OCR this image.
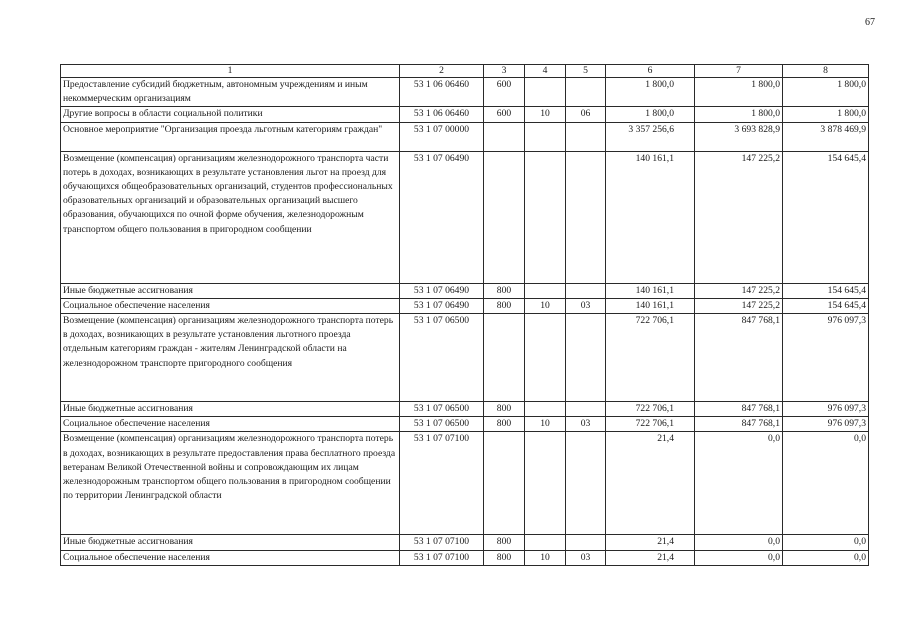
67
1	2	3	4	5	6	7	8
Предоставление субсидий бюджетным, автономным учреждениям и иным некоммерческим организациям	53 1 06 06460	600			1 800,0	1 800,0	1 800,0
Другие вопросы в области социальной политики	53 1 06 06460	600	10	06	1 800,0	1 800,0	1 800,0
Основное мероприятие "Организация проезда льготным категориям граждан"	53 1 07 00000				3 357 256,6	3 693 828,9	3 878 469,9
Возмещение (компенсация) организациям железнодорожного транспорта части потерь в доходах, возникающих в результате установления льгот на проезд для обучающихся общеобразовательных организаций, студентов профессиональных образовательных организаций и образовательных организаций высшего образования, обучающихся по очной форме обучения, железнодорожным транспортом общего пользования в пригородном сообщении	53 1 07 06490				140 161,1	147 225,2	154 645,4
Иные бюджетные ассигнования	53 1 07 06490	800			140 161,1	147 225,2	154 645,4
Социальное обеспечение населения	53 1 07 06490	800	10	03	140 161,1	147 225,2	154 645,4
Возмещение (компенсация) организациям железнодорожного транспорта потерь в доходах, возникающих в результате установления льготного проезда отдельным категориям граждан - жителям Ленинградской области на железнодорожном транспорте пригородного сообщения	53 1 07 06500				722 706,1	847 768,1	976 097,3
Иные бюджетные ассигнования	53 1 07 06500	800			722 706,1	847 768,1	976 097,3
Социальное обеспечение населения	53 1 07 06500	800	10	03	722 706,1	847 768,1	976 097,3
Возмещение (компенсация) организациям железнодорожного транспорта потерь в доходах, возникающих в результате предоставления права бесплатного проезда ветеранам Великой Отечественной войны и сопровождающим их лицам железнодорожным транспортом общего пользования в пригородном сообщении по территории Ленинградской области	53 1 07 07100				21,4	0,0	0,0
Иные бюджетные ассигнования	53 1 07 07100	800			21,4	0,0	0,0
Социальное обеспечение населения	53 1 07 07100	800	10	03	21,4	0,0	0,0
